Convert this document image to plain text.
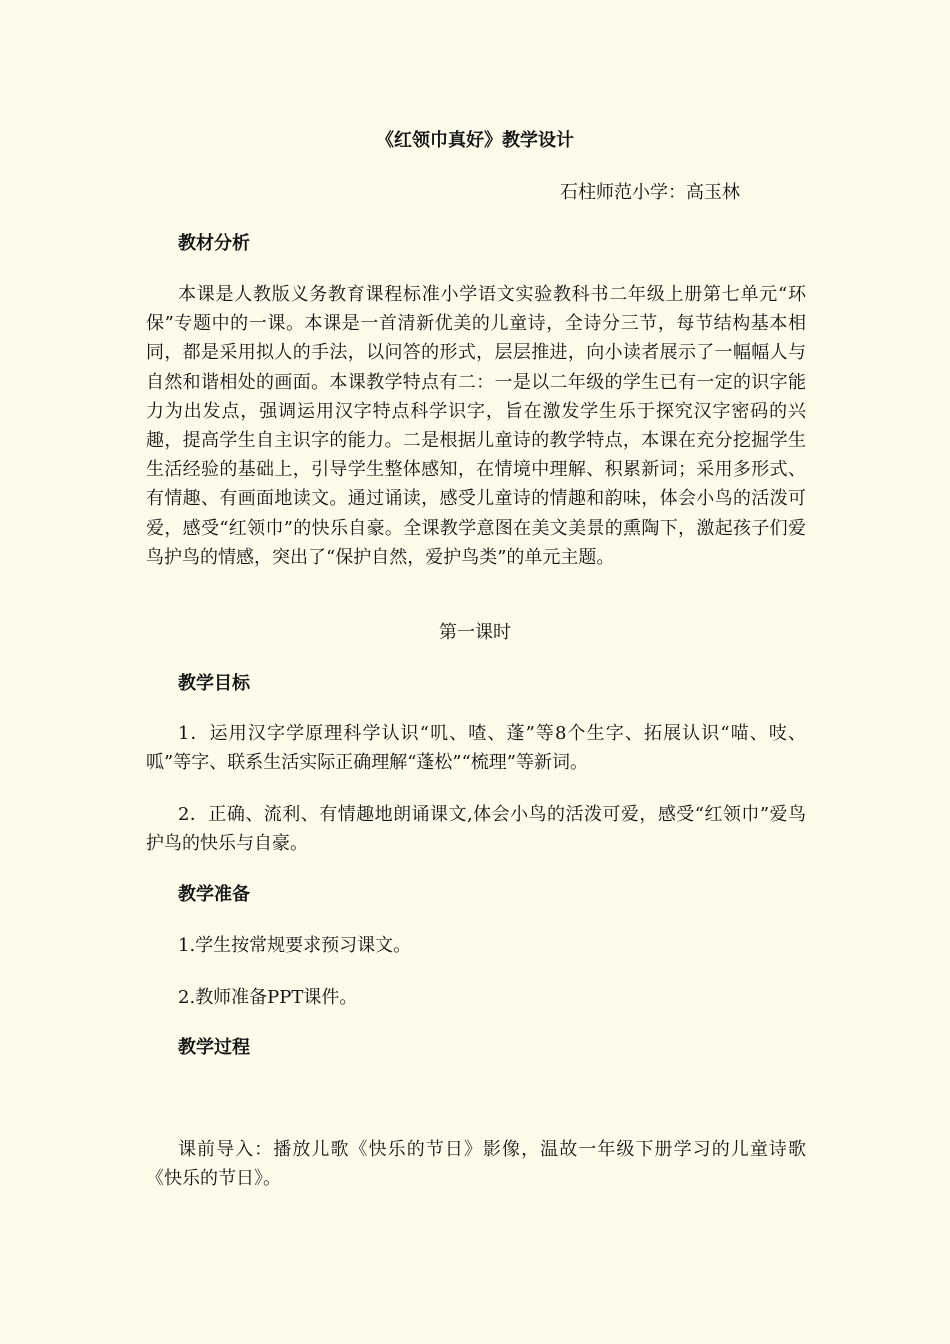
《红领巾真好》教学设计
石柱师范小学：高玉林
教材分析

本课是人教版义务教育课程标准小学语文实验教科书二年级上册第七单元“环保”专题中的一课。本课是一首清新优美的儿童诗，全诗分三节，每节结构基本相同，都是采用拟人的手法，以问答的形式，层层推进，向小读者展示了一幅幅人与自然和谐相处的画面。本课教学特点有二：一是以二年级的学生已有一定的识字能力为出发点，强调运用汉字特点科学识字，旨在激发学生乐于探究汉字密码的兴趣，提高学生自主识字的能力。二是根据儿童诗的教学特点，本课在充分挖掘学生生活经验的基础上，引导学生整体感知，在情境中理解、积累新词；采用多形式、有情趣、有画面地读文。通过诵读，感受儿童诗的情趣和韵味，体会小鸟的活泼可爱，感受“红领巾”的快乐自豪。全课教学意图在美文美景的熏陶下，激起孩子们爱鸟护鸟的情感，突出了“保护自然，爱护鸟类”的单元主题。

第一课时
教学目标

1．运用汉字学原理科学认识“叽、喳、蓬”等8个生字、拓展认识“喵、吱、呱”等字、联系生活实际正确理解“蓬松”“梳理”等新词。

2．正确、流利、有情趣地朗诵课文,体会小鸟的活泼可爱，感受“红领巾”爱鸟护鸟的快乐与自豪。

教学准备

1.学生按常规要求预习课文。

2.教师准备PPT课件。

教学过程

课前导入：播放儿歌《快乐的节日》影像，温故一年级下册学习的儿童诗歌《快乐的节日》。
